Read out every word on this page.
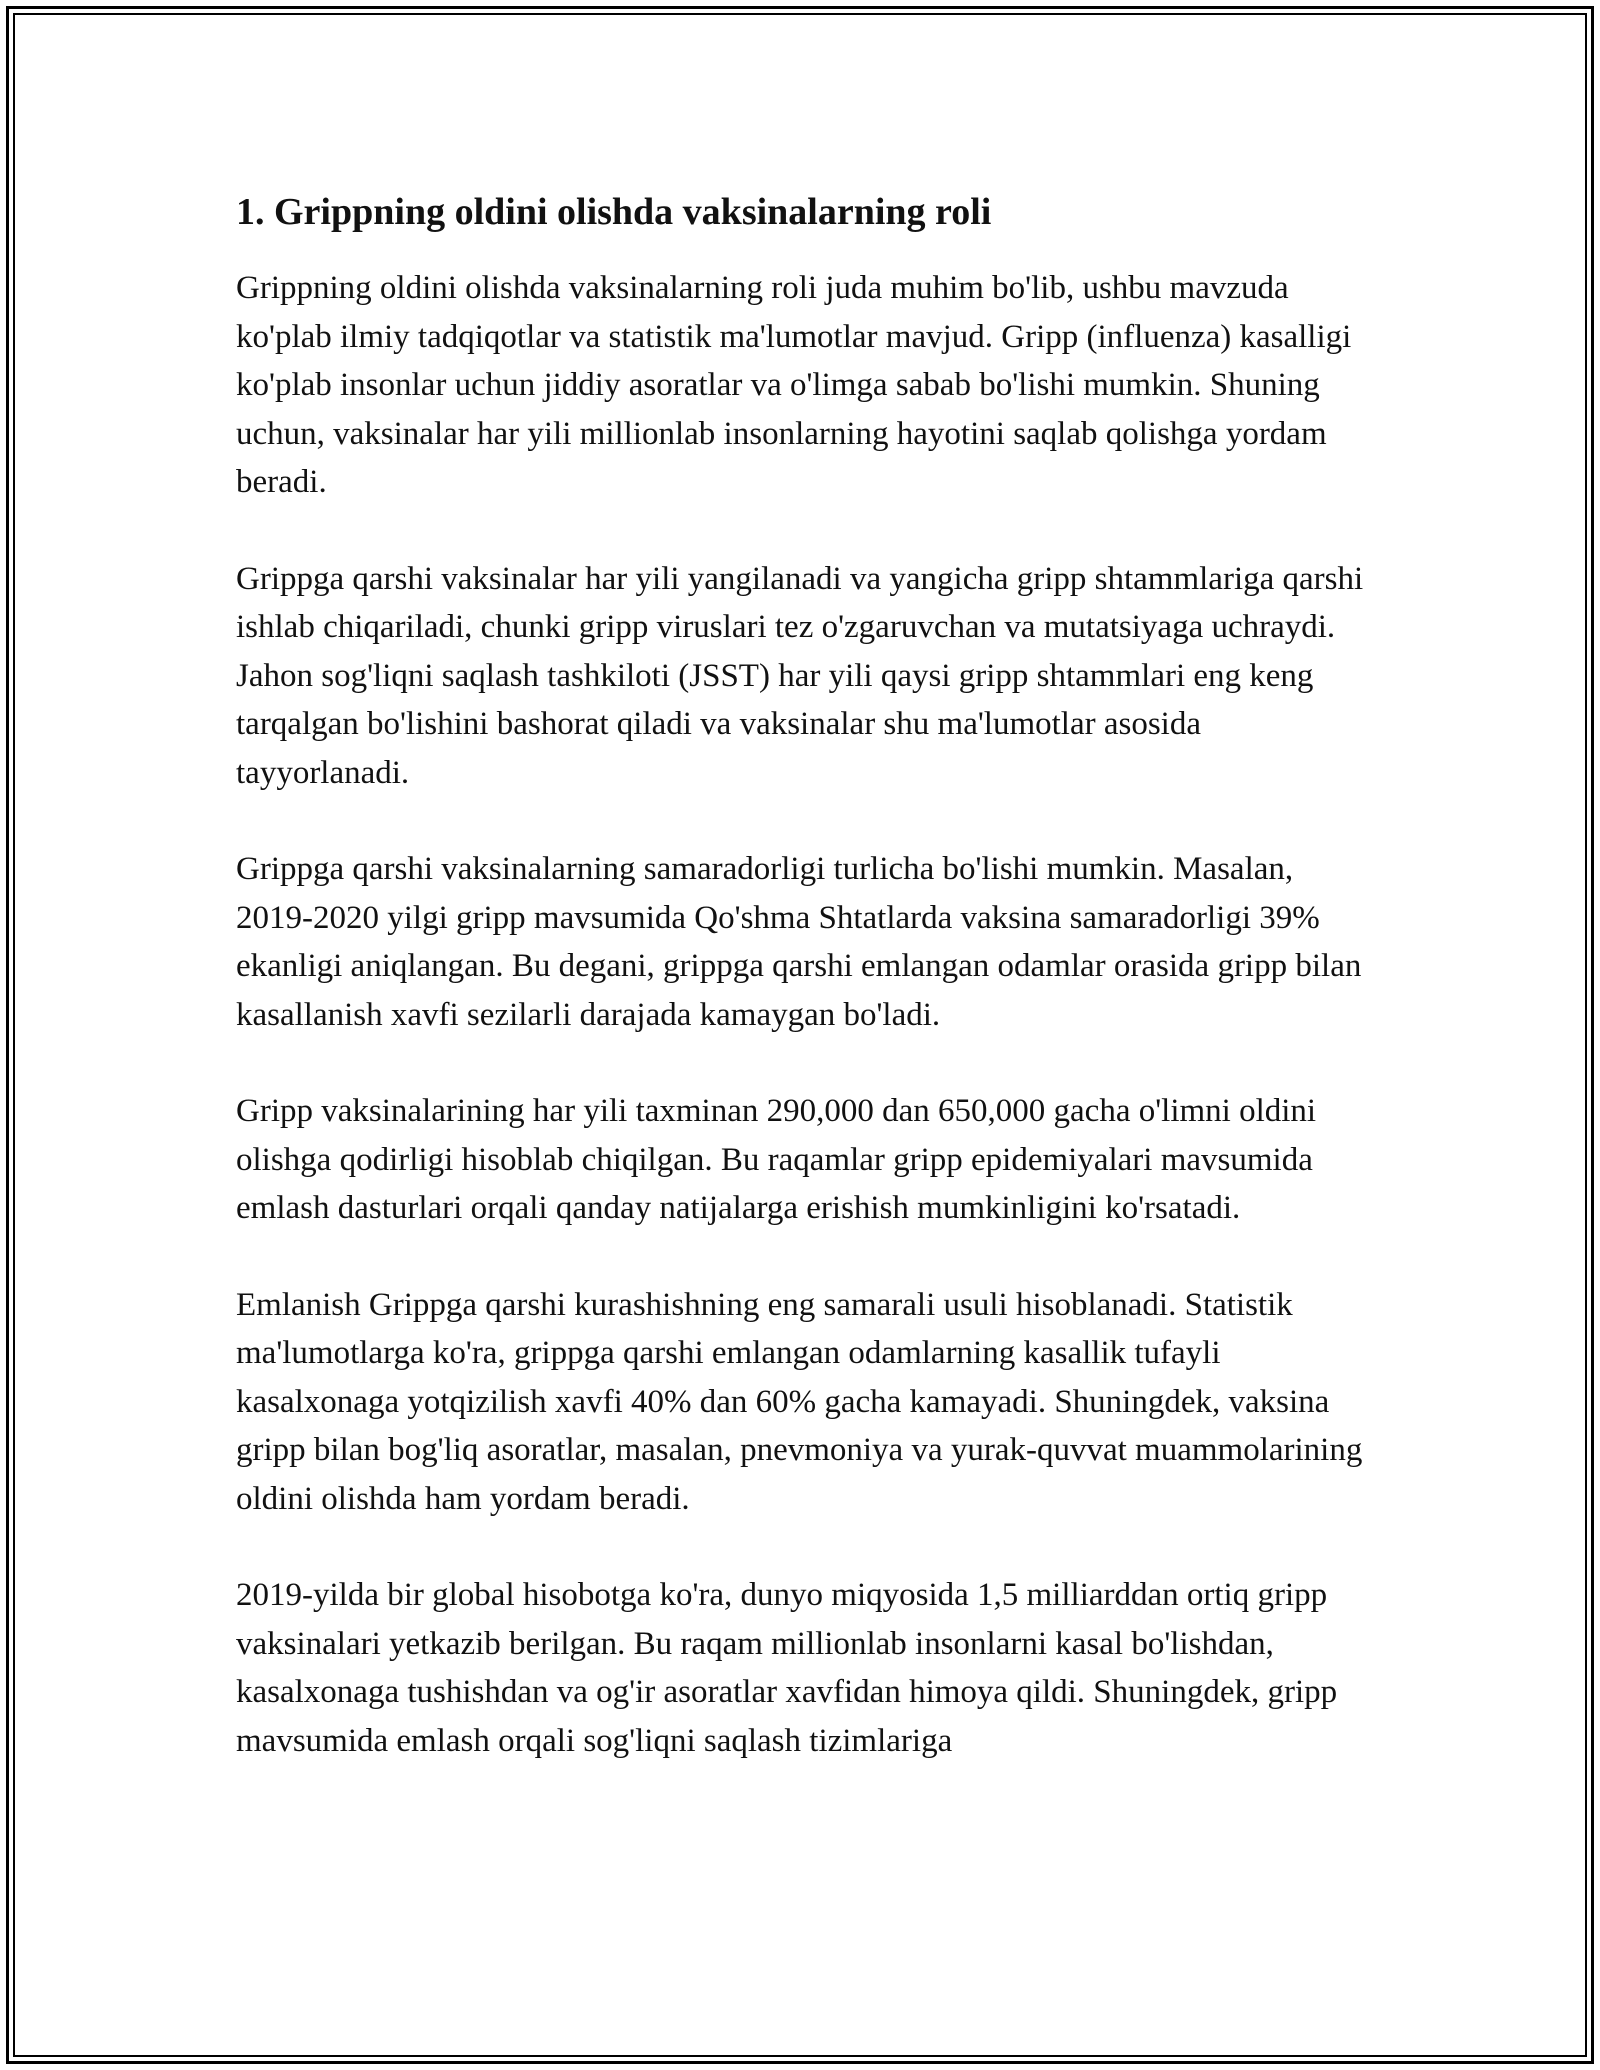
1. Grippning oldini olishda vaksinalarning roli

Grippning oldini olishda vaksinalarning roli juda muhim bo'lib, ushbu mavzuda ko'plab ilmiy tadqiqotlar va statistik ma'lumotlar mavjud. Gripp (influenza) kasalligi ko'plab insonlar uchun jiddiy asoratlar va o'limga sabab bo'lishi mumkin. Shuning uchun, vaksinalar har yili millionlab insonlarning hayotini saqlab qolishga yordam beradi.

Grippga qarshi vaksinalar har yili yangilanadi va yangicha gripp shtammlariga qarshi ishlab chiqariladi, chunki gripp viruslari tez o'zgaruvchan va mutatsiyaga uchraydi. Jahon sog'liqni saqlash tashkiloti (JSST) har yili qaysi gripp shtammlari eng keng tarqalgan bo'lishini bashorat qiladi va vaksinalar shu ma'lumotlar asosida tayyorlanadi.

Grippga qarshi vaksinalarning samaradorligi turlicha bo'lishi mumkin. Masalan, 2019-2020 yilgi gripp mavsumida Qo'shma Shtatlarda vaksina samaradorligi 39% ekanligi aniqlangan. Bu degani, grippga qarshi emlangan odamlar orasida gripp bilan kasallanish xavfi sezilarli darajada kamaygan bo'ladi.

Gripp vaksinalarining har yili taxminan 290,000 dan 650,000 gacha o'limni oldini olishga qodirligi hisoblab chiqilgan. Bu raqamlar gripp epidemiyalari mavsumida emlash dasturlari orqali qanday natijalarga erishish mumkinligini ko'rsatadi.

Emlanish Grippga qarshi kurashishning eng samarali usuli hisoblanadi. Statistik ma'lumotlarga ko'ra, grippga qarshi emlangan odamlarning kasallik tufayli kasalxonaga yotqizilish xavfi 40% dan 60% gacha kamayadi. Shuningdek, vaksina gripp bilan bog'liq asoratlar, masalan, pnevmoniya va yurak-quvvat muammolarining oldini olishda ham yordam beradi.

2019-yilda bir global hisobotga ko'ra, dunyo miqyosida 1,5 milliarddan ortiq gripp vaksinalari yetkazib berilgan. Bu raqam millionlab insonlarni kasal bo'lishdan, kasalxonaga tushishdan va og'ir asoratlar xavfidan himoya qildi. Shuningdek, gripp mavsumida emlash orqali sog'liqni saqlash tizimlariga
